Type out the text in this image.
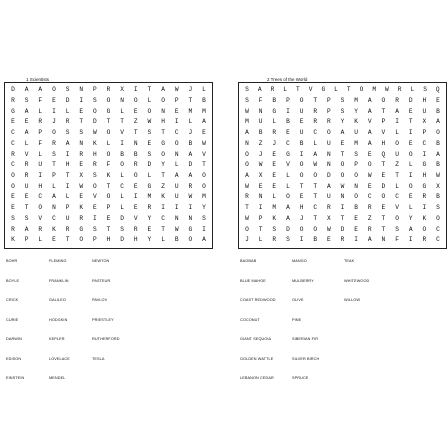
1 Scientists	2 Trees of the World
D	A	A	O	S	N	P	R	X	I	T	A	W	J	L
R	S	F	E	D	I	S	O	N	O	L	O	P	T	B
G	A	L	I	L	E	O	G	L	E	O	N	E	M	M
E	E	R	J	R	T	D	T	T	Z	W	H	I	L	A
C	A	P	O	S	S	W	O	V	T	S	T	C	J	E
C	L	F	R	A	N	K	L	I	N	E	G	O	B	W
R	V	L	S	I	R	H	O	B	B	S	O	N	A	V
C	R	U	T	H	E	R	F	O	R	D	Y	L	D	T
O	R	I	P	T	X	S	K	L	O	L	T	A	A	O
O	U	H	L	I	W	O	T	C	E	G	Z	U	R	O
E	E	C	A	L	E	V	O	L	I	M	K	U	W	M
E	T	O	N	P	K	E	P	L	E	R	I	I	I	Y
S	S	V	C	U	R	I	E	D	V	Y	C	N	N	S
R	A	R	K	R	G	S	T	S	R	E	T	W	G	I
K	P	L	E	T	O	P	H	D	H	Y	L	B	O	A
S	A	R	L	T	V	G	L	T	O	M	W	R	L	S	Q
S	F	B	P	O	T	P	S	M	A	O	R	D	H	E
W	N	G	I	U	R	P	S	Y	A	T	A	E	U	B
M	U	L	B	E	R	R	Y	K	V	P	I	T	X	A
A	B	R	E	U	C	O	A	U	A	V	L	I	P	O
N	Z	J	C	B	L	U	E	M	A	H	O	E	C	B
O	J	E	G	I	A	N	T	S	E	Q	U	O	I	A
O	W	E	V	O	W	N	O	P	O	T	Z	L	G	B
A	X	E	L	O	O	D	O	O	W	E	T	I	H	W
W	E	E	L	T	T	A	W	N	E	D	L	O	G	X
R	N	L	O	E	T	U	N	O	C	O	C	E	R	B
T	I	M	A	H	C	R	I	B	R	E	V	L	I	S
W	P	K	A	J	T	X	T	E	Z	T	O	Y	K	O
O	T	S	D	O	O	W	D	E	R	T	S	A	O	C
J	L	R	S	I	B	E	R	I	A	N	F	I	R	C
BOHR
BOYLE
CRICK
CURIE
DARWIN
EDISON
EINSTEIN
FLEMING
FRANKLIN
GALILEO
HODGKIN
KEPLER
LOVELACE
MENDEL
NEWTON
PASTEUR
PAVLOV
PRIESTLEY
RUTHERFORD
TESLA
BAOBAB
BLUE MAHOE
COAST REDWOOD
COCONUT
GIANT SEQUOIA
GOLDEN WATTLE
LEBANON CEDAR
MANGO
MULBERRY
OLIVE
PINE
SIBERIAN FIR
SILVER BIRCH
SPRUCE
TEAK
WHITEWOOD
WILLOW
